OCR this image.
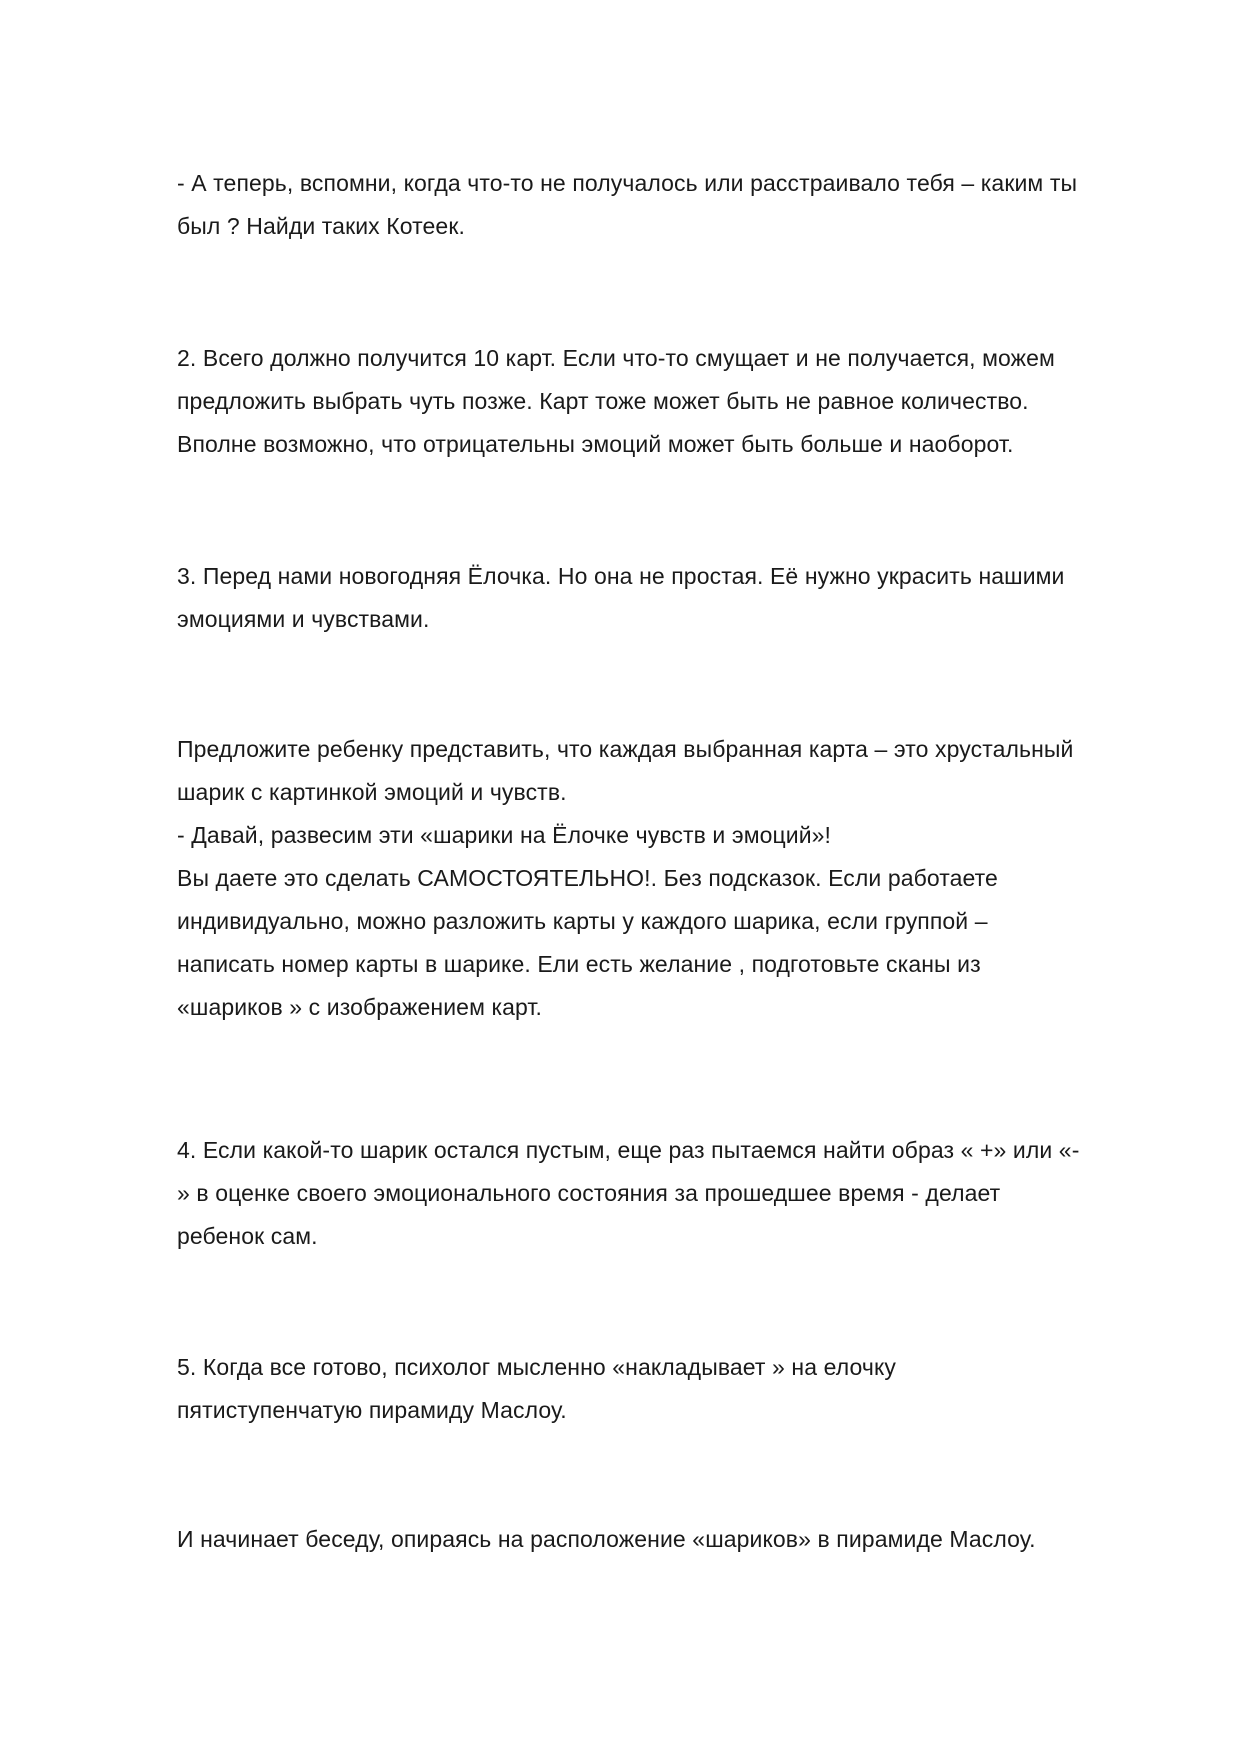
- А теперь, вспомни, когда что-то не получалось или расстраивало тебя – каким ты
был ? Найди таких Котеек.

2. Всего должно получится 10 карт. Если что-то смущает и не получается, можем
предложить выбрать чуть позже. Карт тоже может быть не равное количество.
Вполне возможно, что отрицательны эмоций может быть больше и наоборот.

3. Перед нами новогодняя Ёлочка. Но она не простая. Её нужно украсить нашими
эмоциями и чувствами.

Предложите ребенку представить, что каждая выбранная карта – это хрустальный
шарик с картинкой эмоций и чувств.
- Давай, развесим эти «шарики на Ёлочке чувств и эмоций»!
Вы даете это сделать САМОСТОЯТЕЛЬНО!. Без подсказок. Если работаете
индивидуально, можно разложить карты у каждого шарика, если группой –
написать номер карты в шарике. Ели есть желание , подготовьте сканы из
«шариков » с изображением карт.

4. Если какой-то шарик остался пустым, еще раз пытаемся найти образ « +» или «-
» в оценке своего эмоционального состояния за прошедшее время - делает
ребенок сам.

5. Когда все готово, психолог мысленно «накладывает » на елочку
пятиступенчатую пирамиду Маслоу.

И начинает беседу, опираясь на расположение «шариков» в пирамиде Маслоу.
